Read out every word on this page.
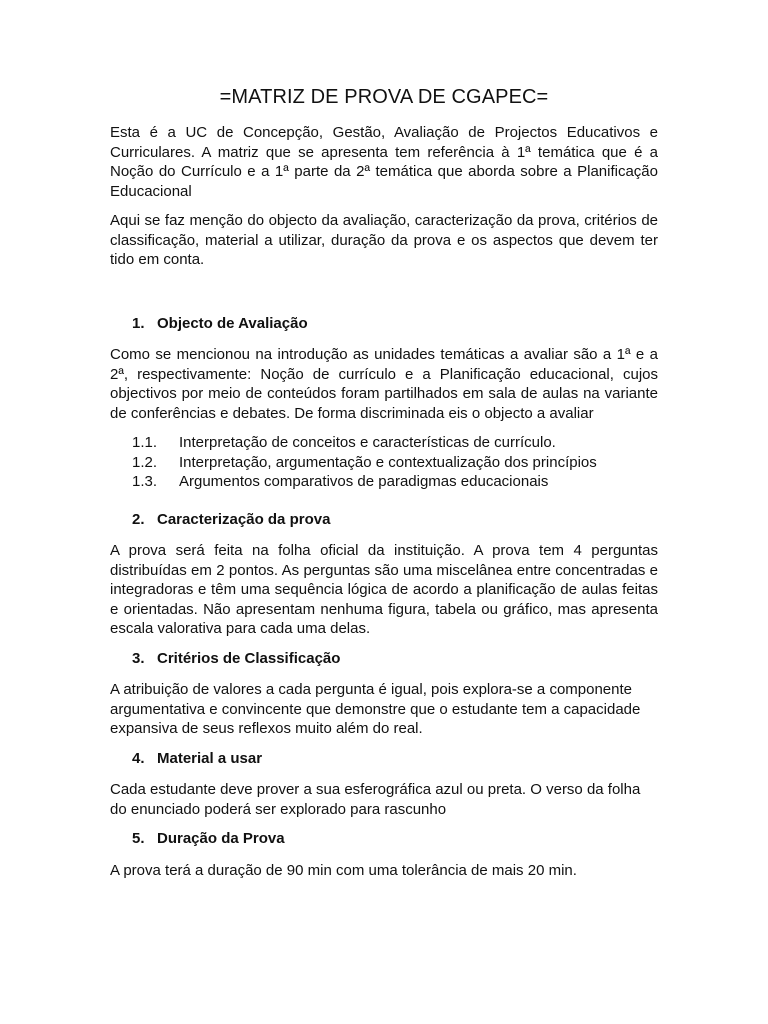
=MATRIZ DE PROVA DE CGAPEC=

Esta é a UC de Concepção, Gestão, Avaliação de Projectos Educativos e Curriculares. A matriz que se apresenta tem referência à 1ª temática que é a Noção do Currículo e a 1ª parte da 2ª temática que aborda sobre a Planificação Educacional

Aqui se faz menção do objecto da avaliação, caracterização da prova, critérios de classificação, material a utilizar, duração da prova e os aspectos que devem ter tido em conta.

1. Objecto de Avaliação

Como se mencionou na introdução as unidades temáticas a avaliar são a 1ª e a 2ª, respectivamente: Noção de currículo e a Planificação educacional, cujos objectivos por meio de conteúdos foram partilhados em sala de aulas na variante de conferências e debates. De forma discriminada eis o objecto a avaliar

1.1.	Interpretação de conceitos e características de currículo.
1.2.	Interpretação, argumentação e contextualização dos princípios
1.3.	Argumentos comparativos de paradigmas educacionais
2. Caracterização da prova

A prova será feita na folha oficial da instituição. A prova tem 4 perguntas distribuídas em 2 pontos. As perguntas são uma miscelânea entre concentradas e integradoras e têm uma sequência lógica de acordo a planificação de aulas feitas e orientadas. Não apresentam nenhuma figura, tabela ou gráfico, mas apresenta escala valorativa para cada uma delas.

3. Critérios de Classificação

A atribuição de valores a cada pergunta é igual, pois explora-se a componente argumentativa e convincente que demonstre que o estudante tem a capacidade expansiva de seus reflexos muito além do real.

4. Material a usar

Cada estudante deve prover a sua esferográfica azul ou preta. O verso da folha do enunciado poderá ser explorado para rascunho

5. Duração da Prova

A prova terá a duração de 90 min com uma tolerância de mais 20 min.
